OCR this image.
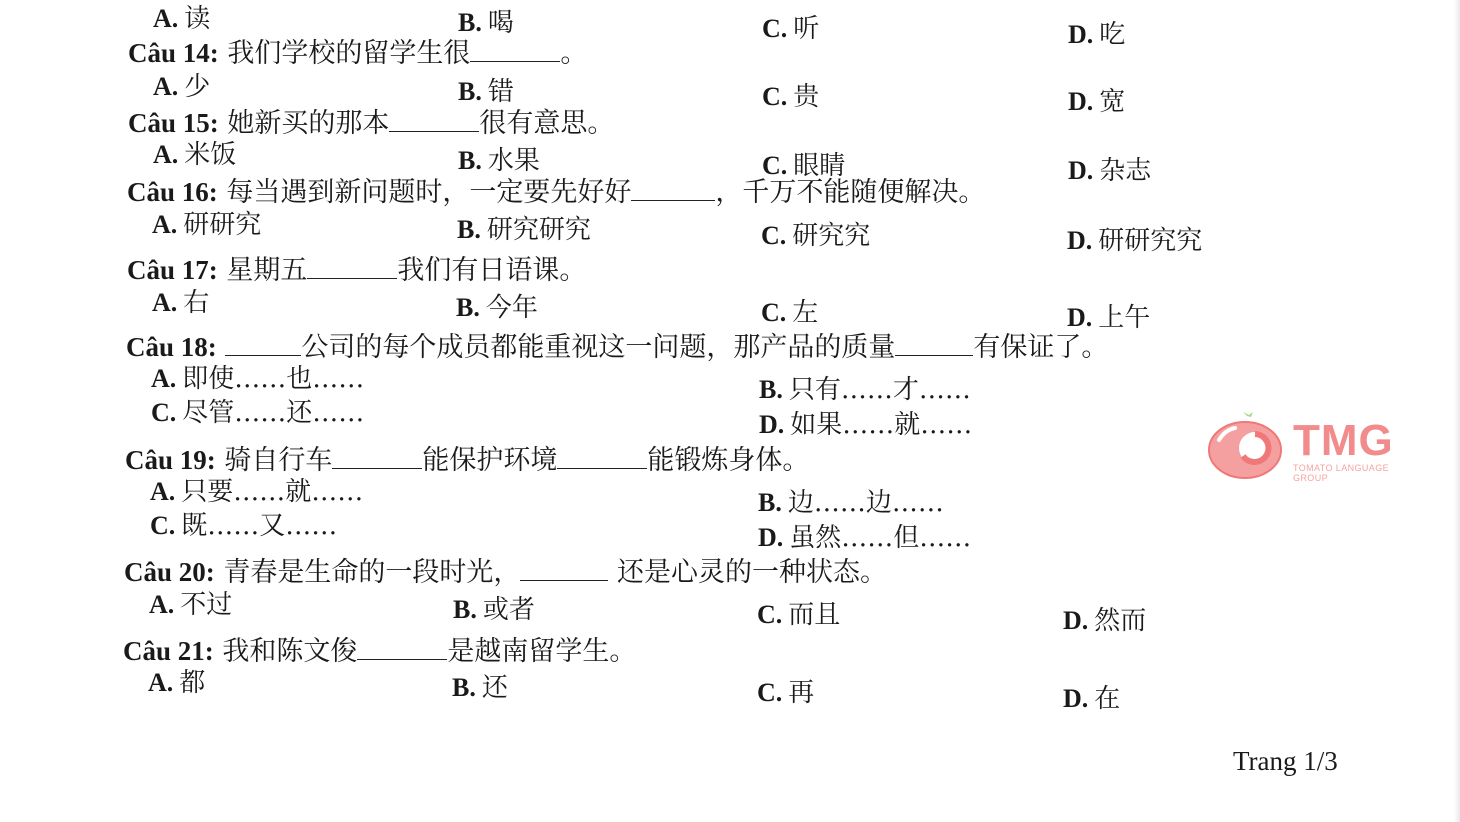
A. 读	B. 喝	C. 听	D. 吃
Câu 14: 我们学校的留学生很	。
A. 少	B. 错	C. 贵	D. 宽
Câu 15: 她新买的那本	很有意思。
A. 米饭	B. 水果	C. 眼睛	D. 杂志
Câu 16: 每当遇到新问题时，一定要先好好	，千万不能随便解决。
A. 研研究	B. 研究研究	C. 研究究	D. 研研究究
Câu 17: 星期五	我们有日语课。
A. 右	B. 今年	C. 左	D. 上午
Câu 18:	公司的每个成员都能重视这一问题，那产品的质量	有保证了。
A. 即使……也……	B. 只有……才……
C. 尽管……还……	D. 如果……就……
Câu 19: 骑自行车	能保护环境	能锻炼身体。
A. 只要……就……	B. 边……边……
C. 既……又……	D. 虽然……但……
Câu 20: 青春是生命的一段时光，	还是心灵的一种状态。
A. 不过	B. 或者	C. 而且	D. 然而
Câu 21: 我和陈文俊	是越南留学生。
A. 都	B. 还	C. 再	D. 在
TMG
TOMATO LANGUAGE GROUP
Trang 1/3
